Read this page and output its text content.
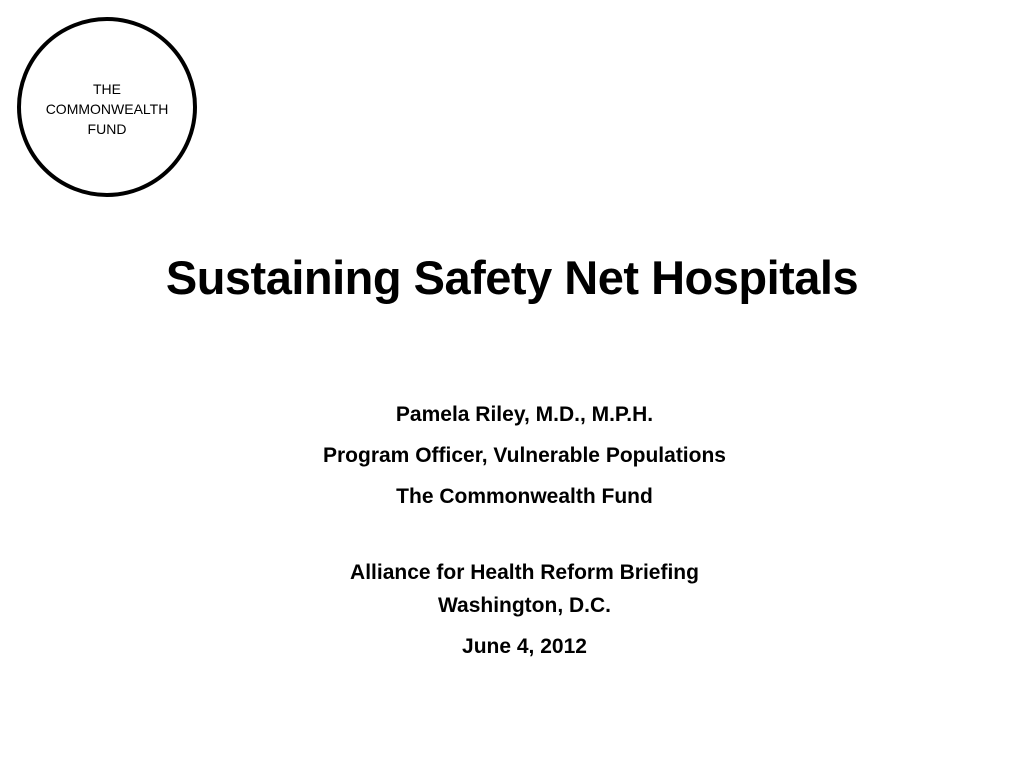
THE
COMMONWEALTH
FUND
Sustaining Safety Net Hospitals
Pamela Riley, M.D., M.P.H.
Program Officer, Vulnerable Populations
The Commonwealth Fund
Alliance for Health Reform Briefing
Washington, D.C.
June 4, 2012
